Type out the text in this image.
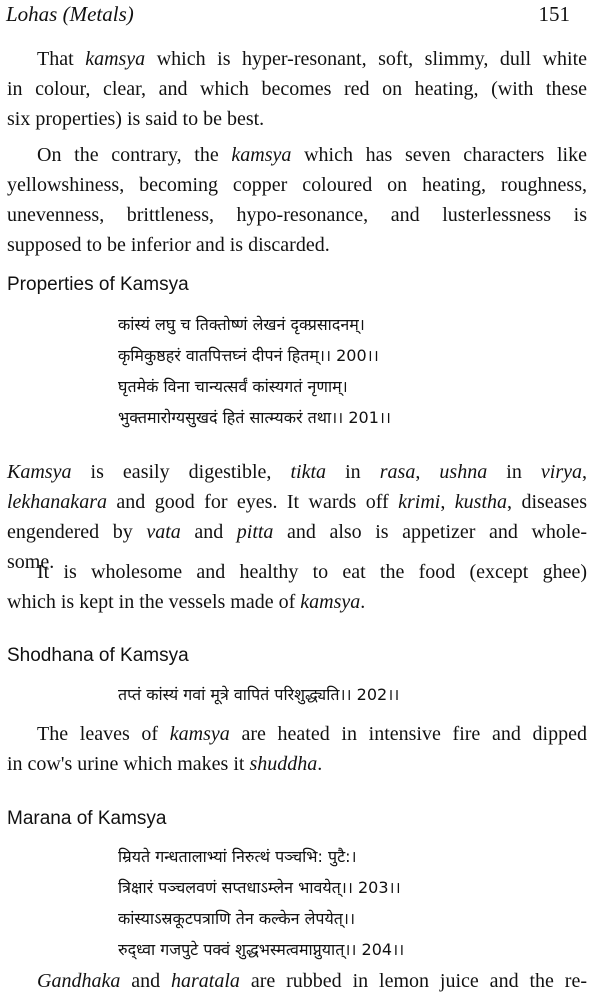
Lohas (Metals)	151
That kamsya which is hyper-resonant, soft, slimmy, dull white
in colour, clear, and which becomes red on heating, (with these
six properties) is said to be best.
On the contrary, the kamsya which has seven characters like
yellowshiness, becoming copper coloured on heating, roughness,
unevenness, brittleness, hypo-resonance, and lusterlessness is
supposed to be inferior and is discarded.
Properties of Kamsya
कांस्यं लघु च तिक्तोष्णं लेखनं दृक्प्रसादनम्।
कृमिकुष्ठहरं वातपित्तघ्नं दीपनं हितम्।। 200।।
घृतमेकं विना चान्यत्सर्वं कांस्यगतं नृणाम्।
भुक्तमारोग्यसुखदं हितं सात्म्यकरं तथा।। 201।।
Kamsya is easily digestible, tikta in rasa, ushna in virya,
lekhanakara and good for eyes. It wards off krimi, kustha, diseases
engendered by vata and pitta and also is appetizer and whole-
some.
It is wholesome and healthy to eat the food (except ghee)
which is kept in the vessels made of kamsya.
Shodhana of Kamsya
तप्तं कांस्यं गवां मूत्रे वापितं परिशुद्ध्यति।। 202।।
The leaves of kamsya are heated in intensive fire and dipped
in cow's urine which makes it shuddha.
Marana of Kamsya
म्रियते गन्धतालाभ्यां निरुत्थं पञ्चभि: पुटै:।
त्रिक्षारं पञ्चलवणं सप्तधाऽम्लेन भावयेत्।। 203।।
कांस्याऽस्रकूटपत्राणि तेन कल्केन लेपयेत्।।
रुद्ध्वा गजपुटे पक्वं शुद्धभस्मत्वमाप्नुयात्।। 204।।
Gandhaka and haratala are rubbed in lemon juice and the re-
